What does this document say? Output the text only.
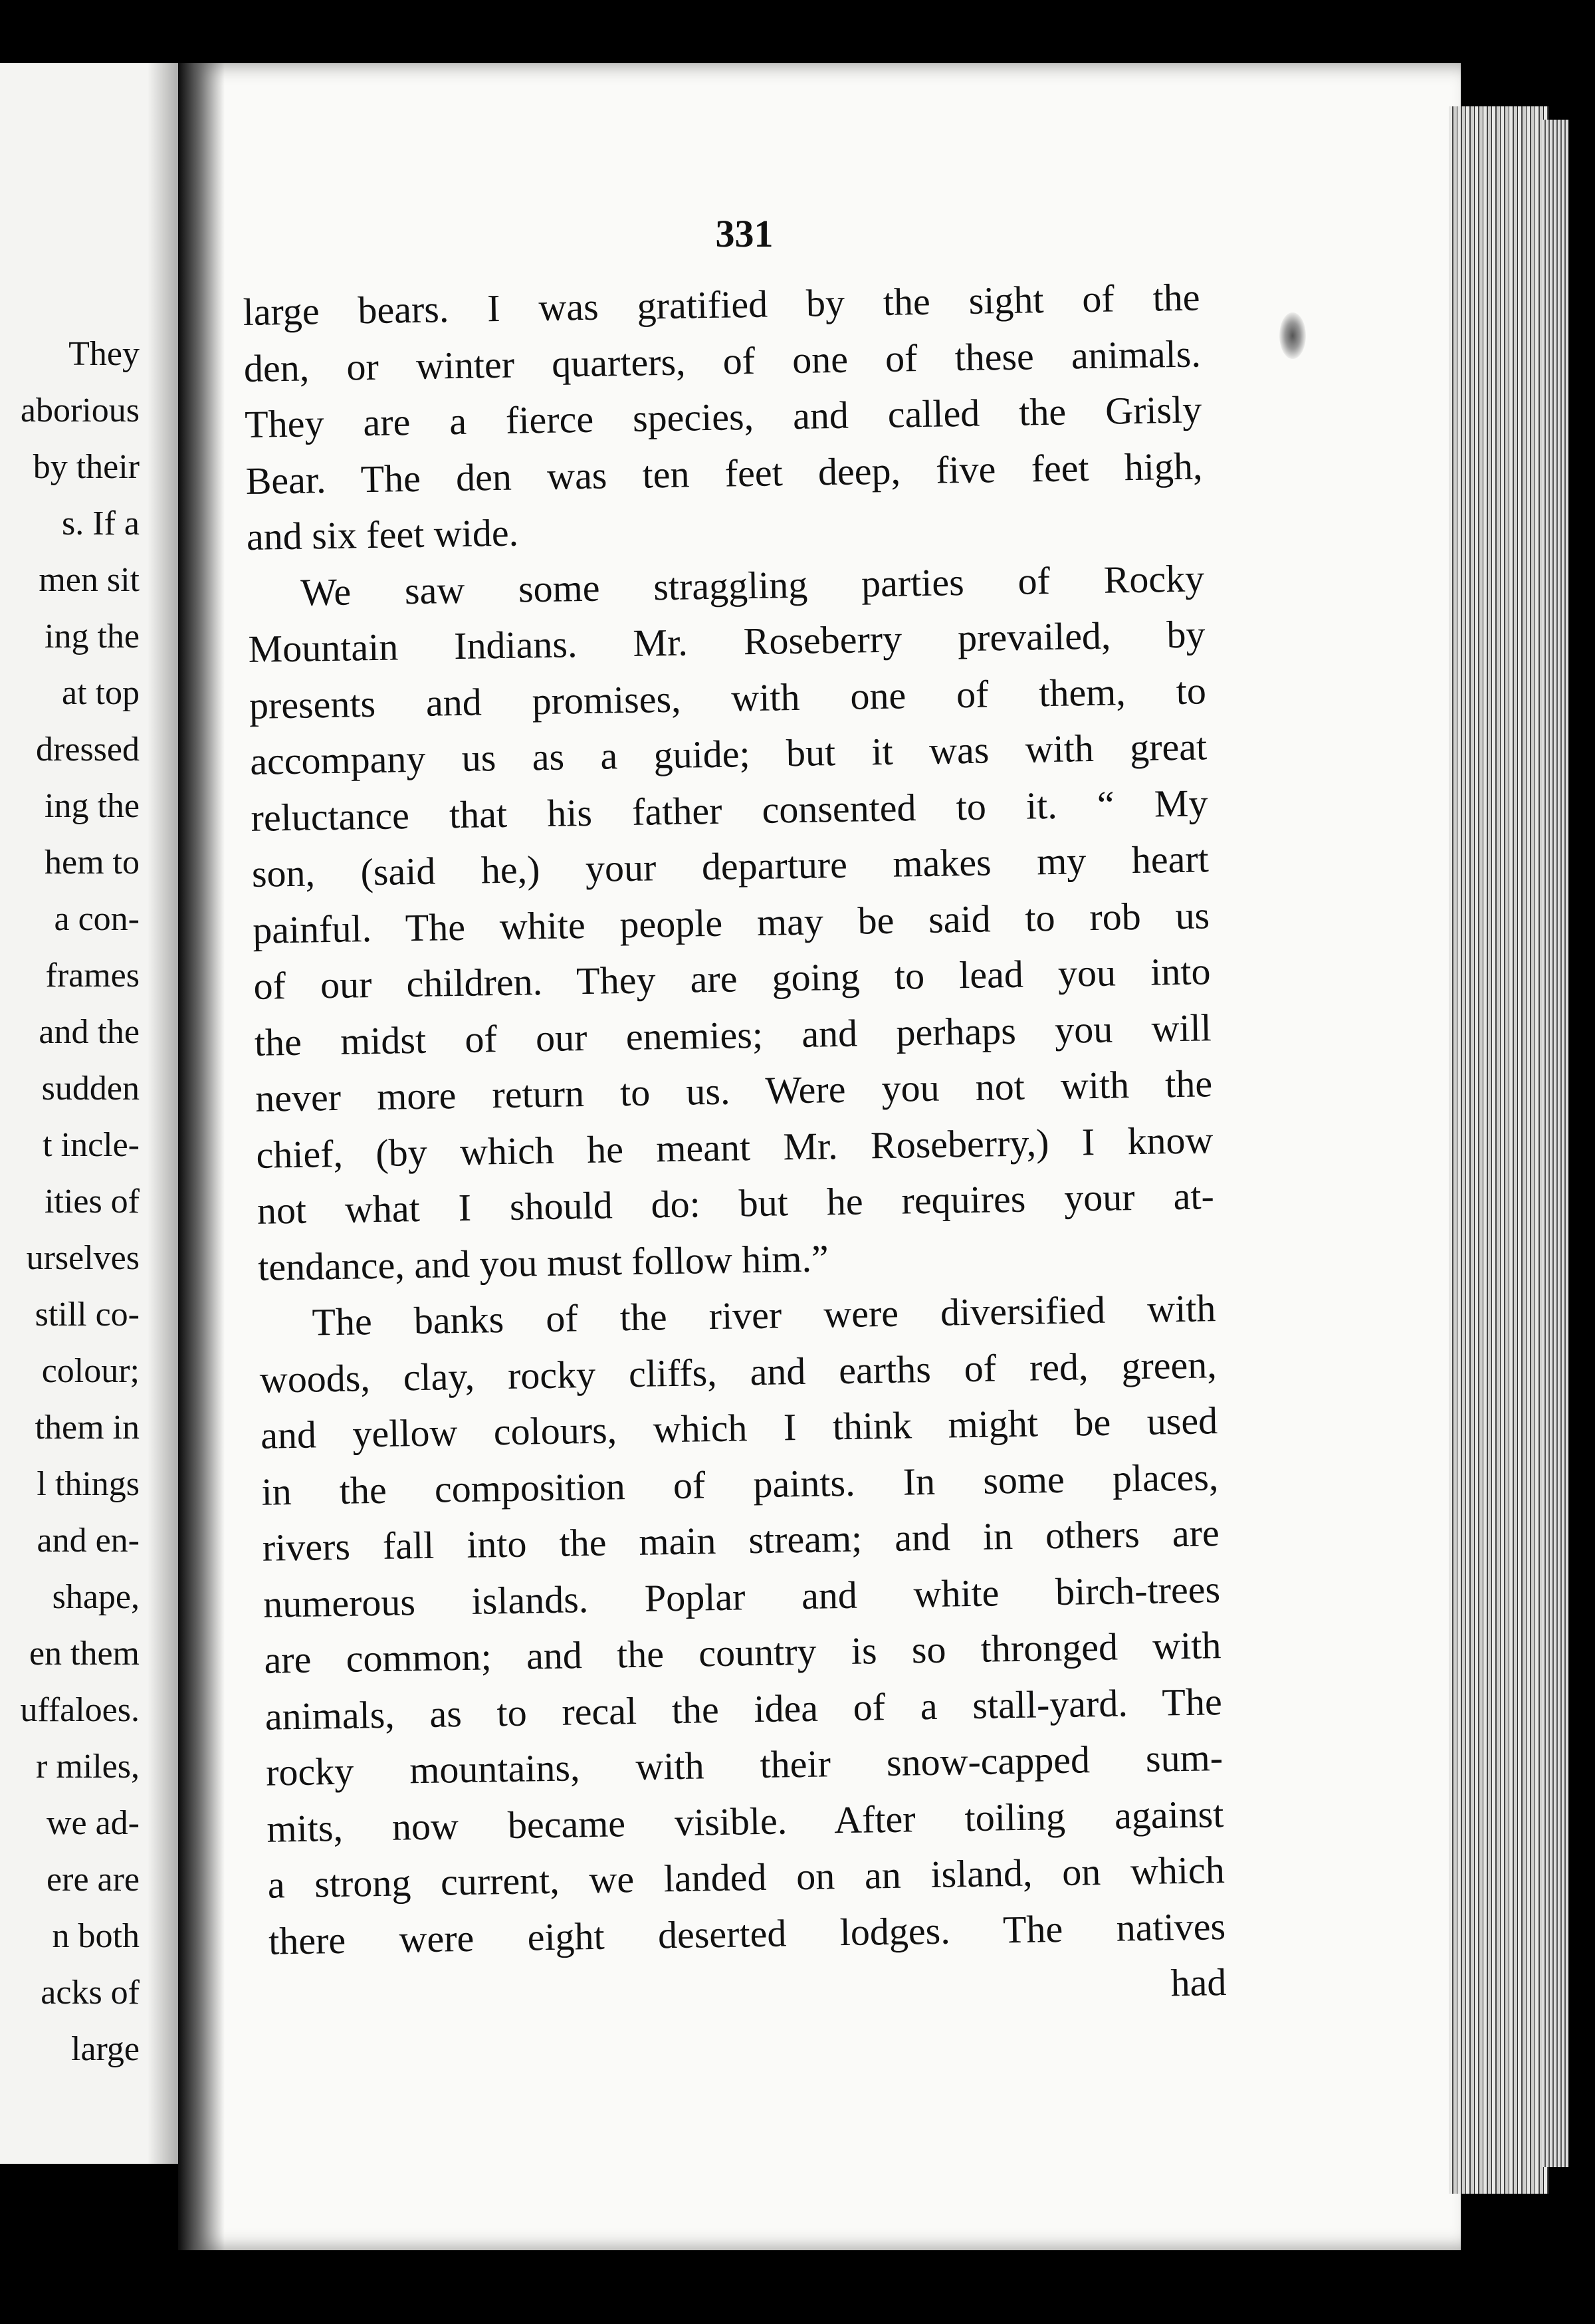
They
aborious
by their
s. If a
men sit
ing the
at top
dressed
ing the
hem to
a con-
frames
and the
sudden
t incle-
ities of
urselves
still co-
colour;
them in
l things
and en-
shape,
en them
uffaloes.
r miles,
we ad-
ere are
n both
acks of
large
331
large bears. I was gratified by the sight of the
den, or winter quarters, of one of these animals.
They are a fierce species, and called the Grisly
Bear. The den was ten feet deep, five feet high,
and six feet wide.
We saw some straggling parties of Rocky
Mountain Indians. Mr. Roseberry prevailed, by
presents and promises, with one of them, to
accompany us as a guide; but it was with great
reluctance that his father consented to it. “ My
son, (said he,) your departure makes my heart
painful. The white people may be said to rob us
of our children. They are going to lead you into
the midst of our enemies; and perhaps you will
never more return to us. Were you not with the
chief, (by which he meant Mr. Roseberry,) I know
not what I should do: but he requires your at-
tendance, and you must follow him.”
The banks of the river were diversified with
woods, clay, rocky cliffs, and earths of red, green,
and yellow colours, which I think might be used
in the composition of paints. In some places,
rivers fall into the main stream; and in others are
numerous islands. Poplar and white birch-trees
are common; and the country is so thronged with
animals, as to recal the idea of a stall-yard. The
rocky mountains, with their snow-capped sum-
mits, now became visible. After toiling against
a strong current, we landed on an island, on which
there were eight deserted lodges. The natives
had
